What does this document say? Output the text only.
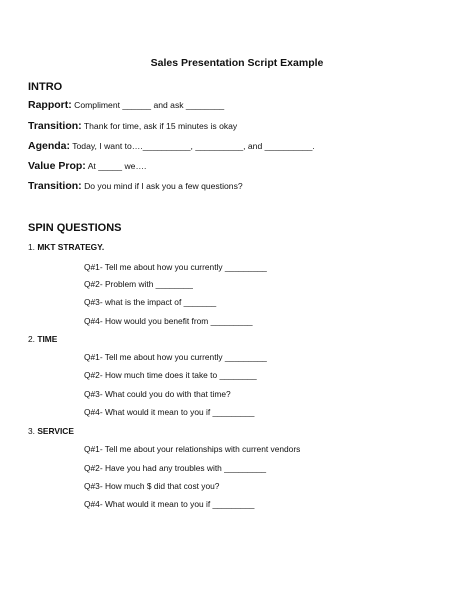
Sales Presentation Script Example
INTRO
Rapport: Compliment ______ and ask ________
Transition: Thank for time, ask if 15 minutes is okay
Agenda: Today, I want to….__________, __________, and __________.
Value Prop: At _____ we….
Transition: Do you mind if I ask you a few questions?
SPIN QUESTIONS
1. MKT STRATEGY.
Q#1- Tell me about how you currently _________
Q#2- Problem with ________
Q#3- what is the impact of _______
Q#4- How would you benefit from _________
2. TIME
Q#1- Tell me about how you currently _________
Q#2- How much time does it take to ________
Q#3- What could you do with that time?
Q#4- What would it mean to you if _________
3. SERVICE
Q#1- Tell me about your relationships with current vendors
Q#2- Have you had any troubles with _________
Q#3- How much $ did that cost you?
Q#4- What would it mean to you if _________
